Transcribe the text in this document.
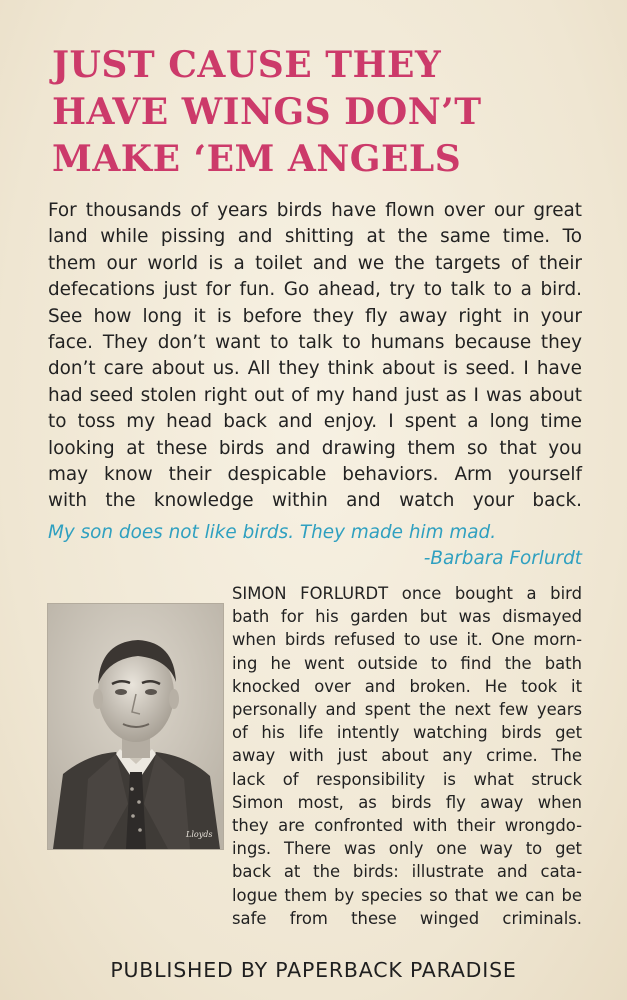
JUST CAUSE THEY
HAVE WINGS DON’T
MAKE ‘EM ANGELS
For thousands of years birds have flown over our great
land while pissing and shitting at the same time. To
them our world is a toilet and we the targets of their
defecations just for fun. Go ahead, try to talk to a bird.
See how long it is before they fly away right in your
face. They don’t want to talk to humans because they
don’t care about us. All they think about is seed. I have
had seed stolen right out of my hand just as I was about
to toss my head back and enjoy. I spent a long time
looking at these birds and drawing them so that you
may know their despicable behaviors. Arm yourself
with the knowledge within and watch your back.
My son does not like birds. They made him mad.
-Barbara Forlurdt
Lloyds
SIMON FORLURDT once bought a bird
bath for his garden but was dismayed
when birds refused to use it. One morn-
ing he went outside to find the bath
knocked over and broken. He took it
personally and spent the next few years
of his life intently watching birds get
away with just about any crime. The
lack of responsibility is what struck
Simon most, as birds fly away when
they are confronted with their wrongdo-
ings. There was only one way to get
back at the birds: illustrate and cata-
logue them by species so that we can be
safe from these winged criminals.
PUBLISHED BY PAPERBACK PARADISE
